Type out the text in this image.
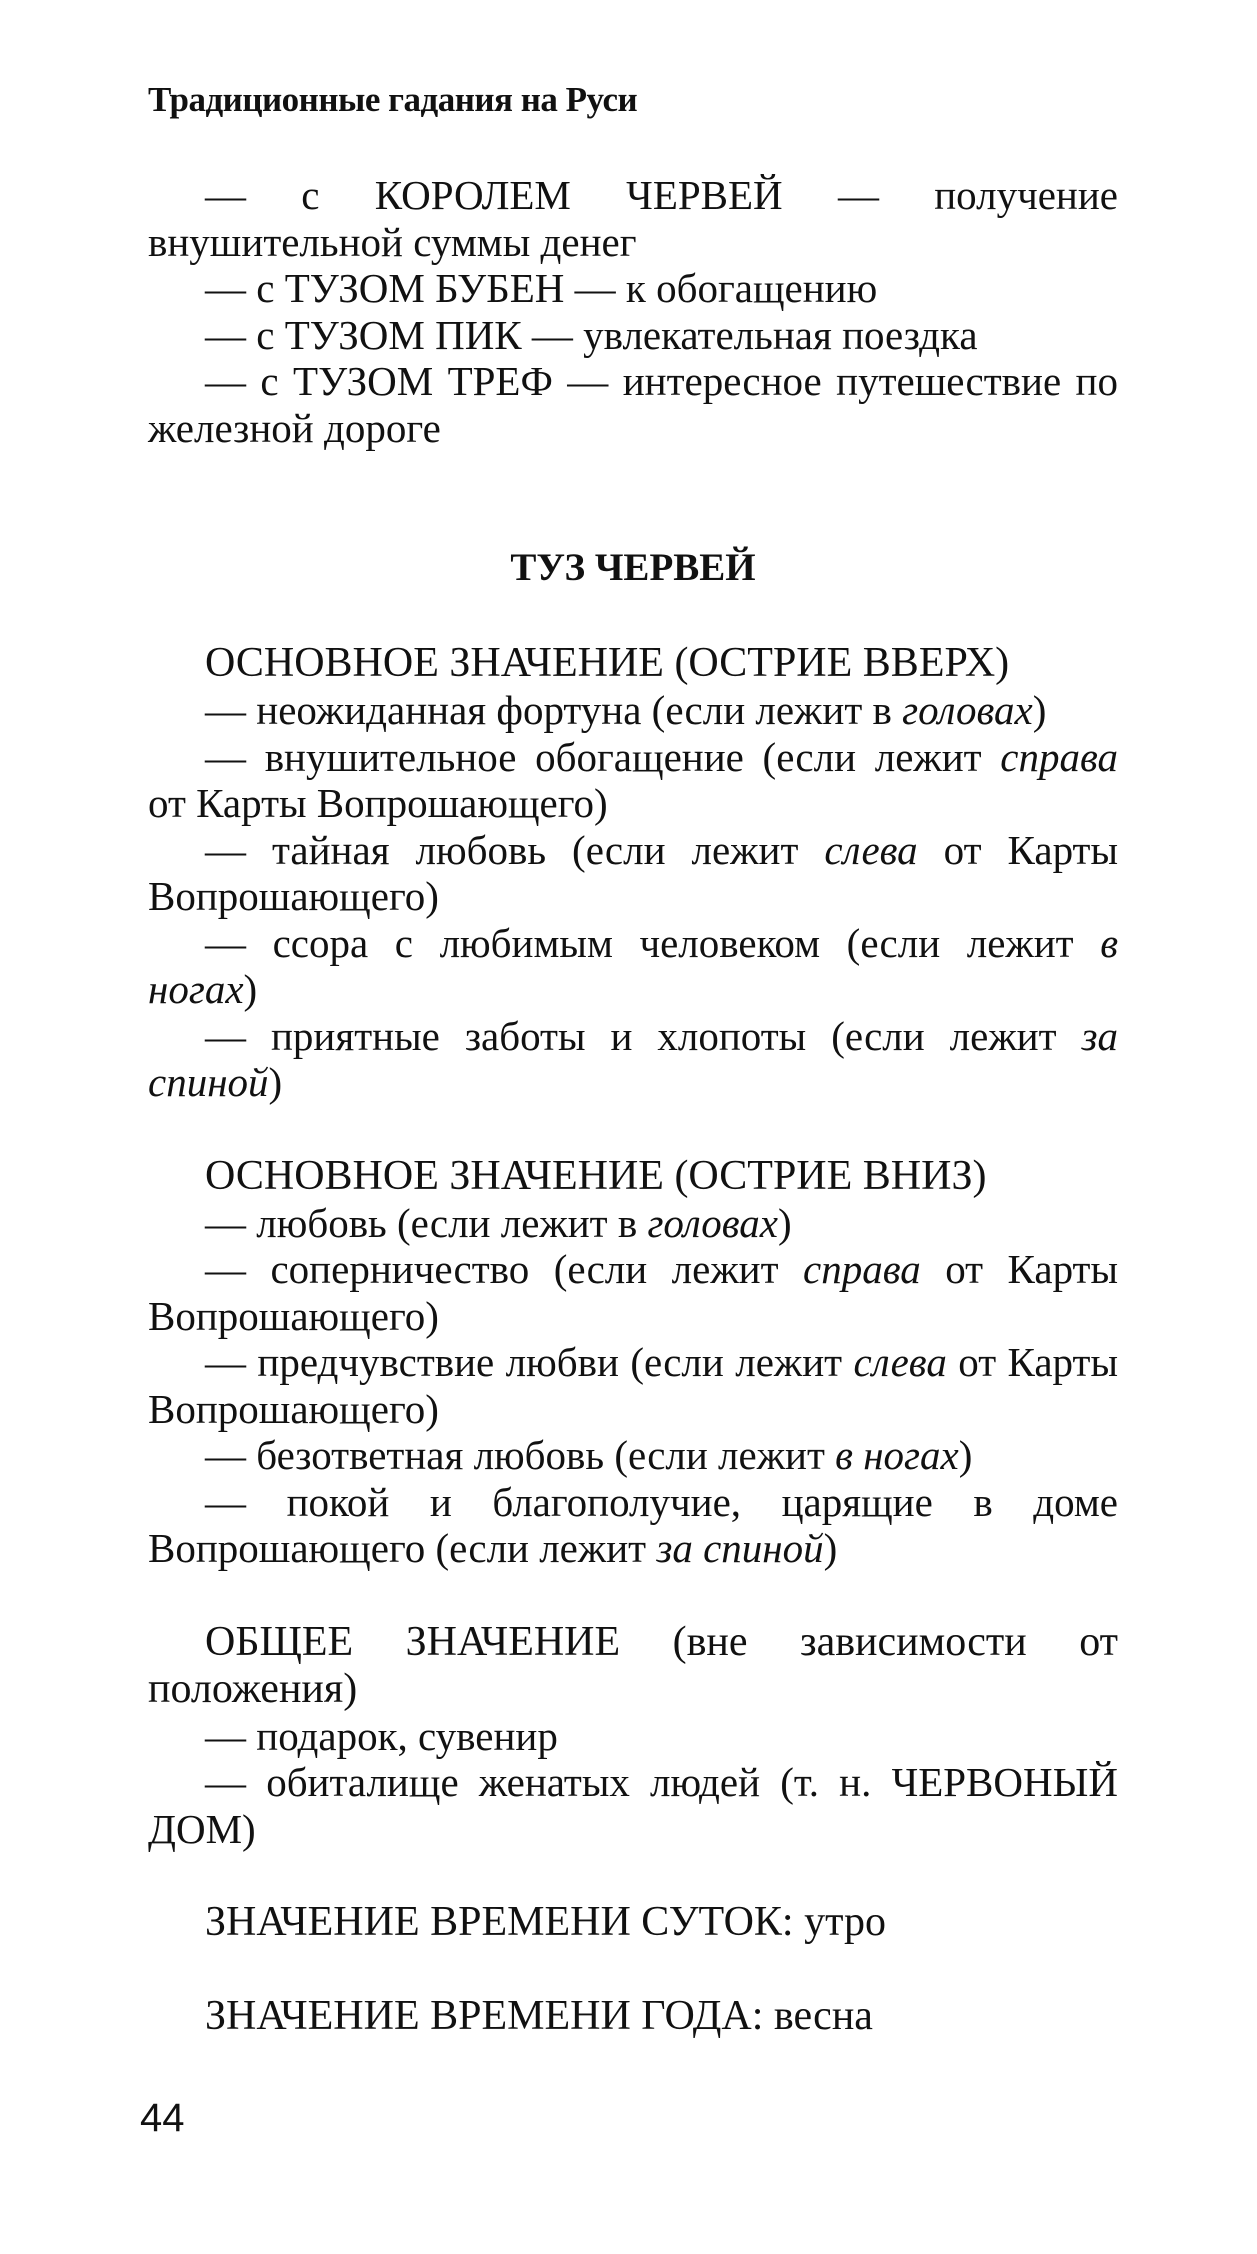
Традиционные гадания на Руси
— с КОРОЛЕМ ЧЕРВЕЙ — получение внушительной суммы денег
— с ТУЗОМ БУБЕН — к обогащению
— с ТУЗОМ ПИК — увлекательная поездка
— с ТУЗОМ ТРЕФ — интересное путешествие по железной дороге
ТУЗ ЧЕРВЕЙ
ОСНОВНОЕ ЗНАЧЕНИЕ (ОСТРИЕ ВВЕРХ)
— неожиданная фортуна (если лежит в головах)
— внушительное обогащение (если лежит справа от Карты Вопрошающего)
— тайная любовь (если лежит слева от Карты Вопрошающего)
— ссора с любимым человеком (если лежит в ногах)
— приятные заботы и хлопоты (если лежит за спиной)
ОСНОВНОЕ ЗНАЧЕНИЕ (ОСТРИЕ ВНИЗ)
— любовь (если лежит в головах)
— соперничество (если лежит справа от Карты Вопрошающего)
— предчувствие любви (если лежит слева от Карты Вопрошающего)
— безответная любовь (если лежит в ногах)
— покой и благополучие, царящие в доме Вопрошающего (если лежит за спиной)
ОБЩЕЕ ЗНАЧЕНИЕ (вне зависимости от положения)
— подарок, сувенир
— обиталище женатых людей (т. н. ЧЕРВОНЫЙ ДОМ)
ЗНАЧЕНИЕ ВРЕМЕНИ СУТОК: утро
ЗНАЧЕНИЕ ВРЕМЕНИ ГОДА: весна
44
